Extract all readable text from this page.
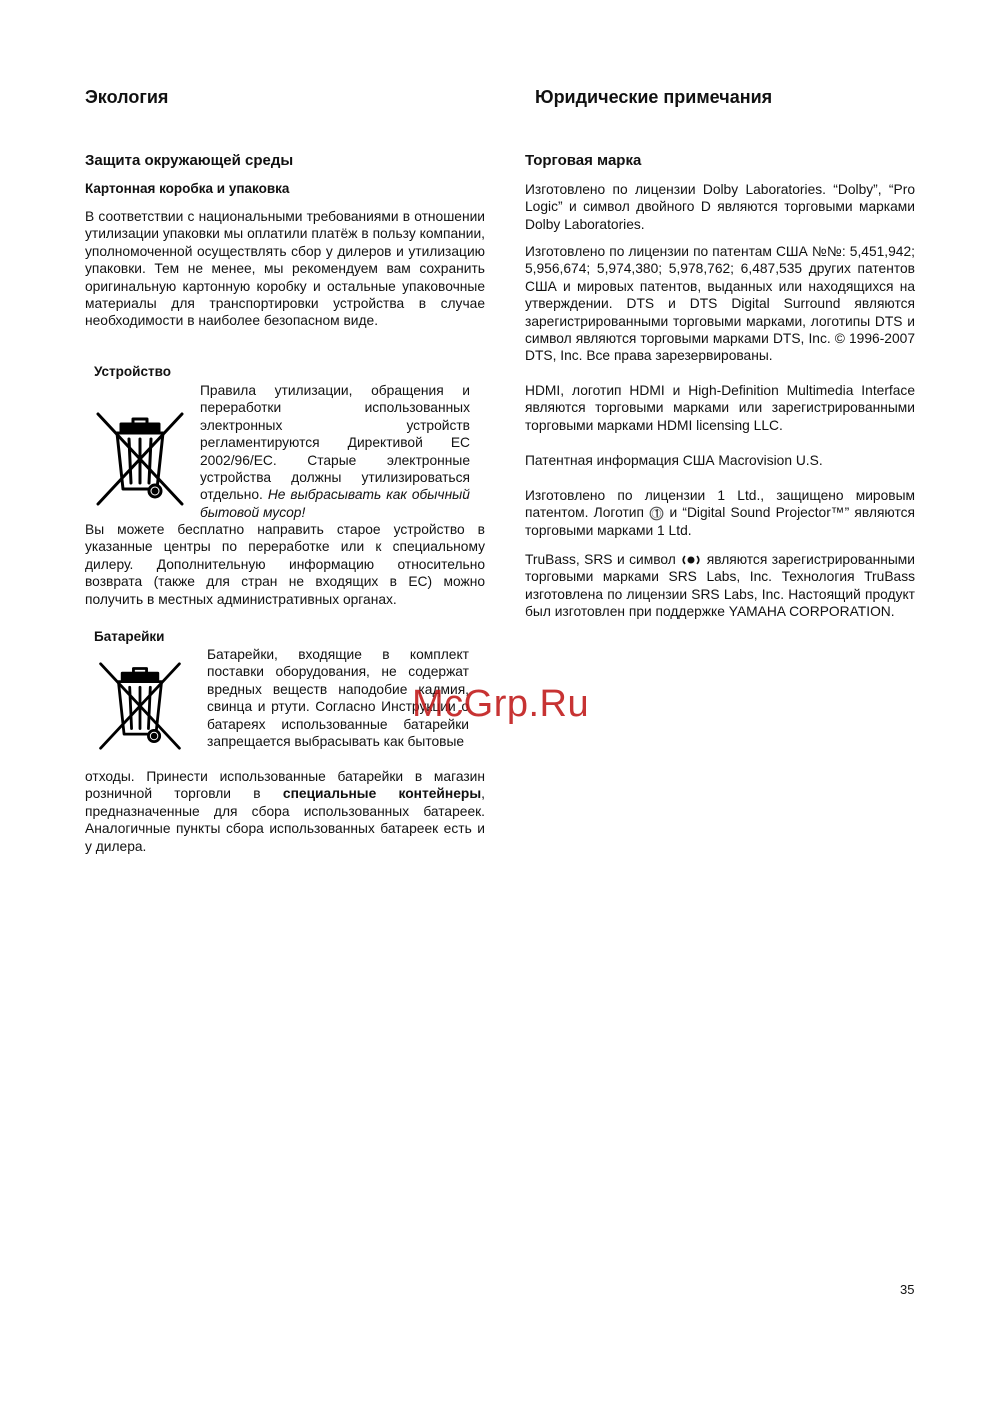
Экология
Защита окружающей среды
Картонная коробка и упаковка
В соответствии с национальными требованиями в отношении утилизации упаковки мы оплатили платёж в пользу компании, уполномоченной осуществлять сбор у дилеров и утилизацию упаковки. Тем не менее, мы рекомендуем вам сохранить оригинальную картонную коробку и остальные упаковочные материалы для транспортировки устройства в случае необходимости в наиболее безопасном виде.
Устройство
Правила утилизации, обращения и переработки использованных электронных устройств регламентируются Директивой ЕС 2002/96/ЕС. Старые электронные устройства должны утилизироваться отдельно. Не выбрасывать как обычный бытовой мусор!
Вы можете бесплатно направить старое устройство в указанные центры по переработке или к специальному дилеру. Дополнительную информацию относительно возврата (также для стран не входящих в ЕС) можно получить в местных административных органах.
Батарейки
Батарейки, входящие в комплект поставки оборудования, не содержат вредных веществ наподобие кадмия, свинца и ртути. Согласно Инструкции о батареях использованные батарейки запрещается выбрасывать как бытовые
отходы. Принести использованные батарейки в магазин розничной торговли в специальные контейнеры, предназначенные для сбора использованных батареек. Аналогичные пункты сбора использованных батареек есть и у дилера.
Юридические примечания
Торговая марка
Изготовлено по лицензии Dolby Laboratories. “Dolby”, “Pro Logic” и символ двойного D являются торговыми марками Dolby Laboratories.
Изготовлено по лицензии по патентам США №№: 5,451,942; 5,956,674; 5,974,380; 5,978,762; 6,487,535 других патентов США и мировых патентов, выданных или находящихся на утверждении. DTS и DTS Digital Surround являются зарегистрированными торговыми марками, логотипы DTS и символ являются торговыми марками DTS, Inc. © 1996-2007 DTS, Inc. Все права зарезервированы.
HDMI, логотип HDMI и High-Definition Multimedia Interface являются торговыми марками или зарегистрированными торговыми марками HDMI licensing LLC.
Патентная информация США Macrovision U.S.
Изготовлено по лицензии 1 Ltd., защищено мировым патентом. Логотип и “Digital Sound Projector™” являются торговыми марками 1 Ltd.
TruBass, SRS и символ являются зарегистрированными торговыми марками SRS Labs, Inc. Технология TruBass изготовлена по лицензии SRS Labs, Inc. Настоящий продукт был изготовлен при поддержке YAMAHA CORPORATION.
McGrp.Ru
35
